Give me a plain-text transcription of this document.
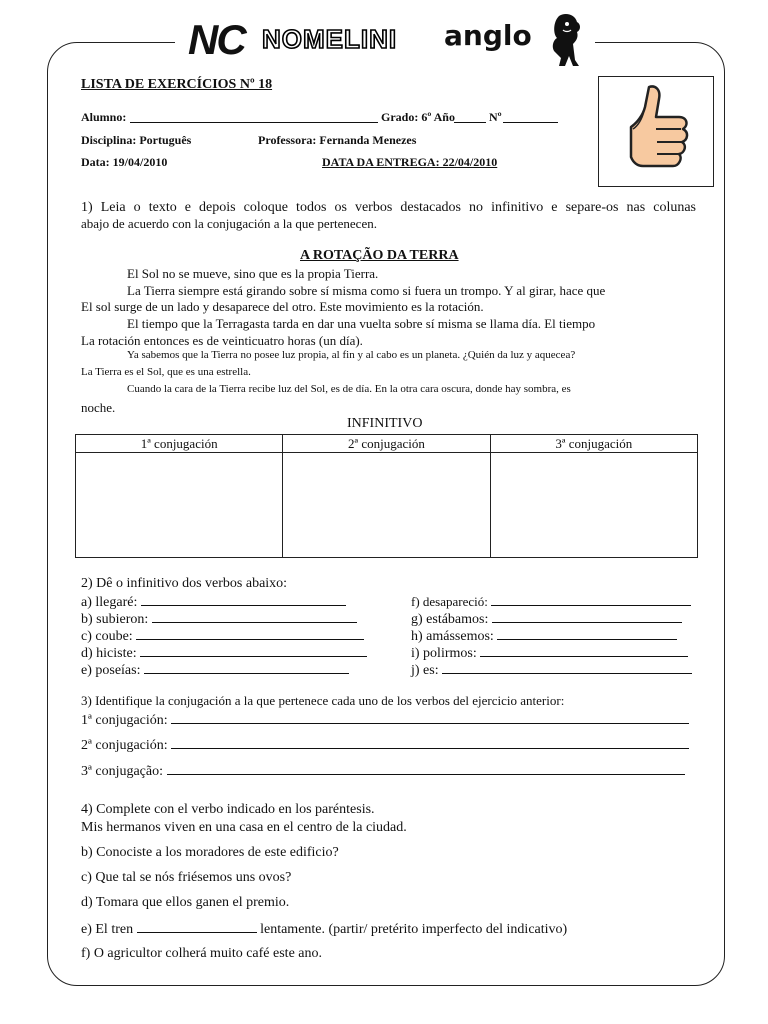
NC NOMELINI anglo
LISTA DE EXERCÍCIOS Nº 18
Alumno:	Grado: 6º Año	Nº
Disciplina: Português	Professora: Fernanda Menezes
Data: 19/04/2010	DATA DA ENTREGA: 22/04/2010
1) Leia o texto e depois coloque todos os verbos destacados no infinitivo e separe-os nas colunas
abajo de acuerdo con la conjugación a la que pertenecen.
A ROTAÇÃO DA TERRA
El Sol no se mueve, sino que es la propia Tierra.
La Tierra siempre está girando sobre sí misma como si fuera un trompo. Y al girar, hace que
El sol surge de un lado y desaparece del otro. Este movimiento es la rotación.
El tiempo que la Terragasta tarda en dar una vuelta sobre sí misma se llama día. El tiempo
La rotación entonces es de veinticuatro horas (un día).
Ya sabemos que la Tierra no posee luz propia, al fin y al cabo es un planeta. ¿Quién da luz y aquecea?
La Tierra es el Sol, que es una estrella.
Cuando la cara de la Tierra recibe luz del Sol, es de día. En la otra cara oscura, donde hay sombra, es
noche.
INFINITIVO
1ª conjugación	2ª conjugación	3ª conjugación

2) Dê o infinitivo dos verbos abaixo:
a) llegaré:
b) subieron:
c) coube:
d) hiciste:
e) poseías:
f) desapareció:
g) estábamos:
h) amássemos:
i) polirmos:
j) es:
3) Identifique la conjugación a la que pertenece cada uno de los verbos del ejercicio anterior:
1ª conjugación:
2ª conjugación:
3ª conjugação:
4) Complete con el verbo indicado en los paréntesis.
Mis hermanos viven en una casa en el centro de la ciudad.
b) Conociste a los moradores de este edificio?
c) Que tal se nós friésemos uns ovos?
d) Tomara que ellos ganen el premio.
e) El tren	lentamente. (partir/ pretérito imperfecto del indicativo)
f) O agricultor colherá muito café este ano.
